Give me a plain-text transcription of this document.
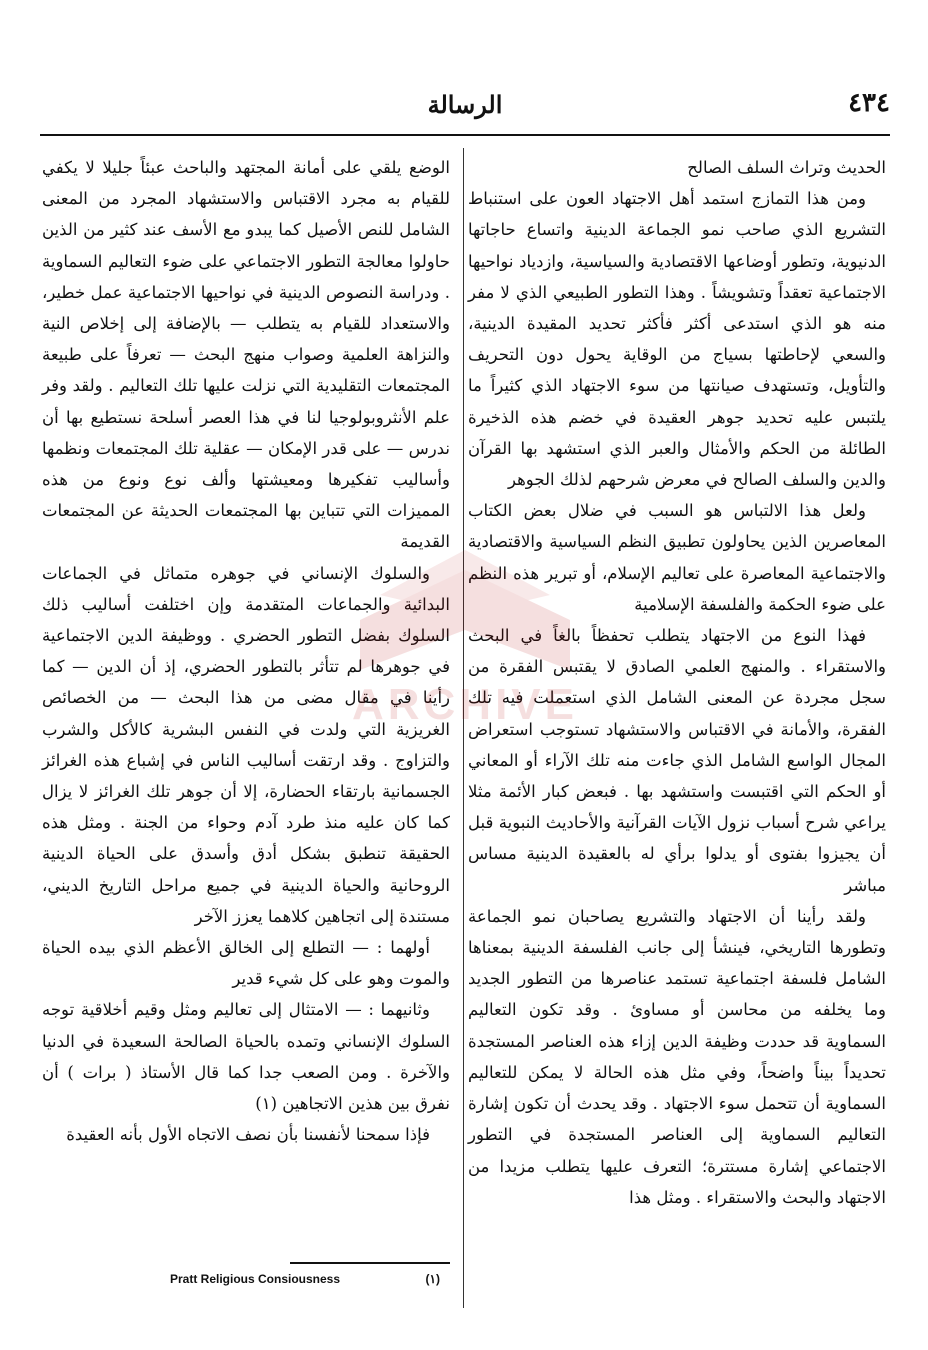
٤٣٤
الرسالة

الحديث وتراث السلف الصالح

ومن هذا التمازج استمد أهل الاجتهاد العون على استنباط التشريع الذي صاحب نمو الجماعة الدينية واتساع حاجاتها الدنيوية، وتطور أوضاعها الاقتصادية والسياسية، وازدياد نواحيها الاجتماعية تعقداً وتشويشاً . وهذا التطور الطبيعي الذي لا مفر منه هو الذي استدعى أكثر فأكثر تحديد المقيدة الدينية، والسعي لإحاطتها بسياج من الوقاية يحول دون التحريف والتأويل، وتستهدف صيانتها من سوء الاجتهاد الذي كثيراً ما يلتبس عليه تحديد جوهر العقيدة في خضم هذه الذخيرة الطائلة من الحكم والأمثال والعبر الذي استشهد بها القرآن والدين والسلف الصالح في معرض شرحهم لذلك الجوهر

ولعل هذا الالتباس هو السبب في ضلال بعض الكتاب المعاصرين الذين يحاولون تطبيق النظم السياسية والاقتصادية والاجتماعية المعاصرة على تعاليم الإسلام، أو تبرير هذه النظم على ضوء الحكمة والفلسفة الإسلامية

فهذا النوع من الاجتهاد يتطلب تحفظاً بالغاً في البحث والاستقراء . والمنهج العلمي الصادق لا يقتبس الفقرة من سجل مجردة عن المعنى الشامل الذي استعملت فيه تلك الفقرة، والأمانة في الاقتباس والاستشهاد تستوجب استعراض المجال الواسع الشامل الذي جاءت منه تلك الآراء أو المعاني أو الحكم التي اقتبست واستشهد بها . فبعض كبار الأئمة مثلا يراعي شرح أسباب نزول الآيات القرآنية والأحاديث النبوية قبل أن يجيزوا بفتوى أو يدلوا برأي له بالعقيدة الدينية مساس مباشر

ولقد رأينا أن الاجتهاد والتشريع يصاحبان نمو الجماعة وتطورها التاريخي، فينشأ إلى جانب الفلسفة الدينية بمعناها الشامل فلسفة اجتماعية تستمد عناصرها من التطور الجديد وما يخلفه من محاسن أو مساوئ . وقد تكون التعاليم السماوية قد حددت وظيفة الدين إزاء هذه العناصر المستجدة تحديداً بيناً واضحاً، وفي مثل هذه الحالة لا يمكن للتعاليم السماوية أن تتحمل سوء الاجتهاد . وقد يحدث أن تكون إشارة التعاليم السماوية إلى العناصر المستجدة في التطور الاجتماعي إشارة مستترة؛ التعرف عليها يتطلب مزيدا من الاجتهاد والبحث والاستقراء . ومثل هذا

الوضع يلقي على أمانة المجتهد والباحث عبئاً جليلا لا يكفي للقيام به مجرد الاقتباس والاستشهاد المجرد من المعنى الشامل للنص الأصيل كما يبدو مع الأسف عند كثير من الذين حاولوا معالجة التطور الاجتماعي على ضوء التعاليم السماوية . ودراسة النصوص الدينية في نواحيها الاجتماعية عمل خطير، والاستعداد للقيام به يتطلب — بالإضافة إلى إخلاص النية والنزاهة العلمية وصواب منهج البحث — تعرفاً على طبيعة المجتمعات التقليدية التي نزلت عليها تلك التعاليم . ولقد وفر علم الأنثروبولوجيا لنا في هذا العصر أسلحة نستطيع بها أن ندرس — على قدر الإمكان — عقلية تلك المجتمعات ونظمها وأساليب تفكيرها ومعيشتها وألف نوع ونوع من هذه المميزات التي تتباين بها المجتمعات الحديثة عن المجتمعات القديمة

والسلوك الإنساني في جوهره متماثل في الجماعات البدائية والجماعات المتقدمة وإن اختلفت أساليب ذلك السلوك بفضل التطور الحضري . ووظيفة الدين الاجتماعية في جوهرها لم تتأثر بالتطور الحضري، إذ أن الدين — كما رأينا في مقال مضى من هذا البحث — من الخصائص الغريزية التي ولدت في النفس البشرية كالأكل والشرب والتزاوج . وقد ارتقت أساليب الناس في إشباع هذه الغرائز الجسمانية بارتقاء الحضارة، إلا أن جوهر تلك الغرائز لا يزال كما كان عليه منذ طرد آدم وحواء من الجنة . ومثل هذه الحقيقة تنطبق بشكل أدق وأسدق على الحياة الدينية الروحانية والحياة الدينية في جميع مراحل التاريخ الديني، مستندة إلى اتجاهين كلاهما يعزز الآخر

أولهما : — التطلع إلى الخالق الأعظم الذي بيده الحياة والموت وهو على كل شيء قدير

وثانيهما : — الامتثال إلى تعاليم ومثل وقيم أخلاقية توجه السلوك الإنساني وتمده بالحياة الصالحة السعيدة في الدنيا والآخرة . ومن الصعب جدا كما قال الأستاذ ( برات ) أن نفرق بين هذين الاتجاهين (١)

فإذا سمحنا لأنفسنا بأن نصف الاتجاه الأول بأنه العقيدة

Pratt Religious Consiousness	(١)
ARCHIVE
